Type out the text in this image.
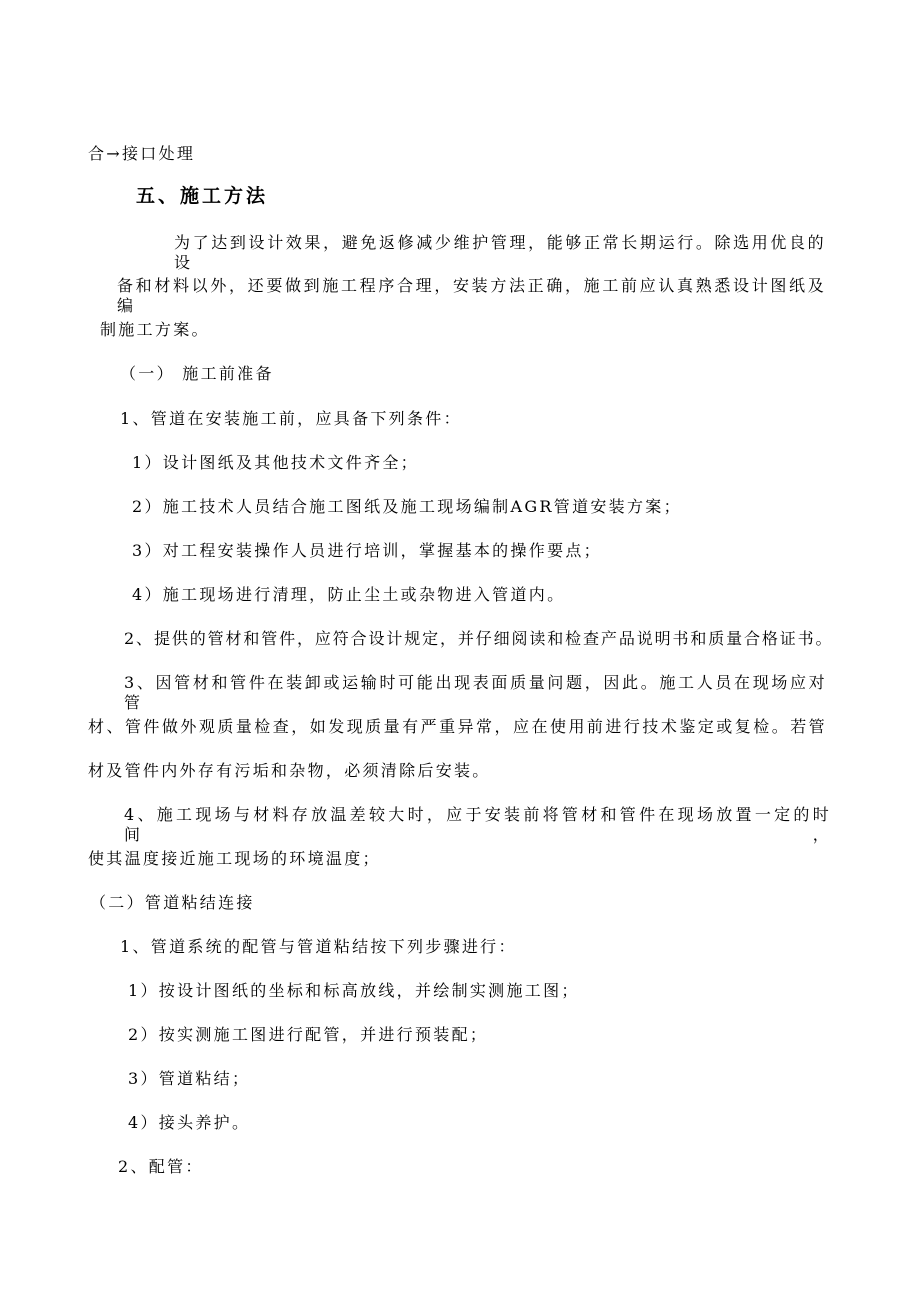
合→接口处理
五、施工方法
为了达到设计效果，避免返修减少维护管理，能够正常长期运行。除选用优良的设
备和材料以外，还要做到施工程序合理，安装方法正确，施工前应认真熟悉设计图纸及编
制施工方案。
（一） 施工前准备
1、管道在安装施工前，应具备下列条件：
1）设计图纸及其他技术文件齐全；
2）施工技术人员结合施工图纸及施工现场编制AGR管道安装方案；
3）对工程安装操作人员进行培训，掌握基本的操作要点；
4）施工现场进行清理，防止尘土或杂物进入管道内。
2、提供的管材和管件，应符合设计规定，并仔细阅读和检查产品说明书和质量合格证书。
3、因管材和管件在装卸或运输时可能出现表面质量问题，因此。施工人员在现场应对管
材、管件做外观质量检查，如发现质量有严重异常，应在使用前进行技术鉴定或复检。若管
材及管件内外存有污垢和杂物，必须清除后安装。
4、施工现场与材料存放温差较大时，应于安装前将管材和管件在现场放置一定的时间，
使其温度接近施工现场的环境温度；
（二）管道粘结连接
1、管道系统的配管与管道粘结按下列步骤进行：
1）按设计图纸的坐标和标高放线，并绘制实测施工图；
2）按实测施工图进行配管，并进行预装配；
3）管道粘结；
4）接头养护。
2、配管：
